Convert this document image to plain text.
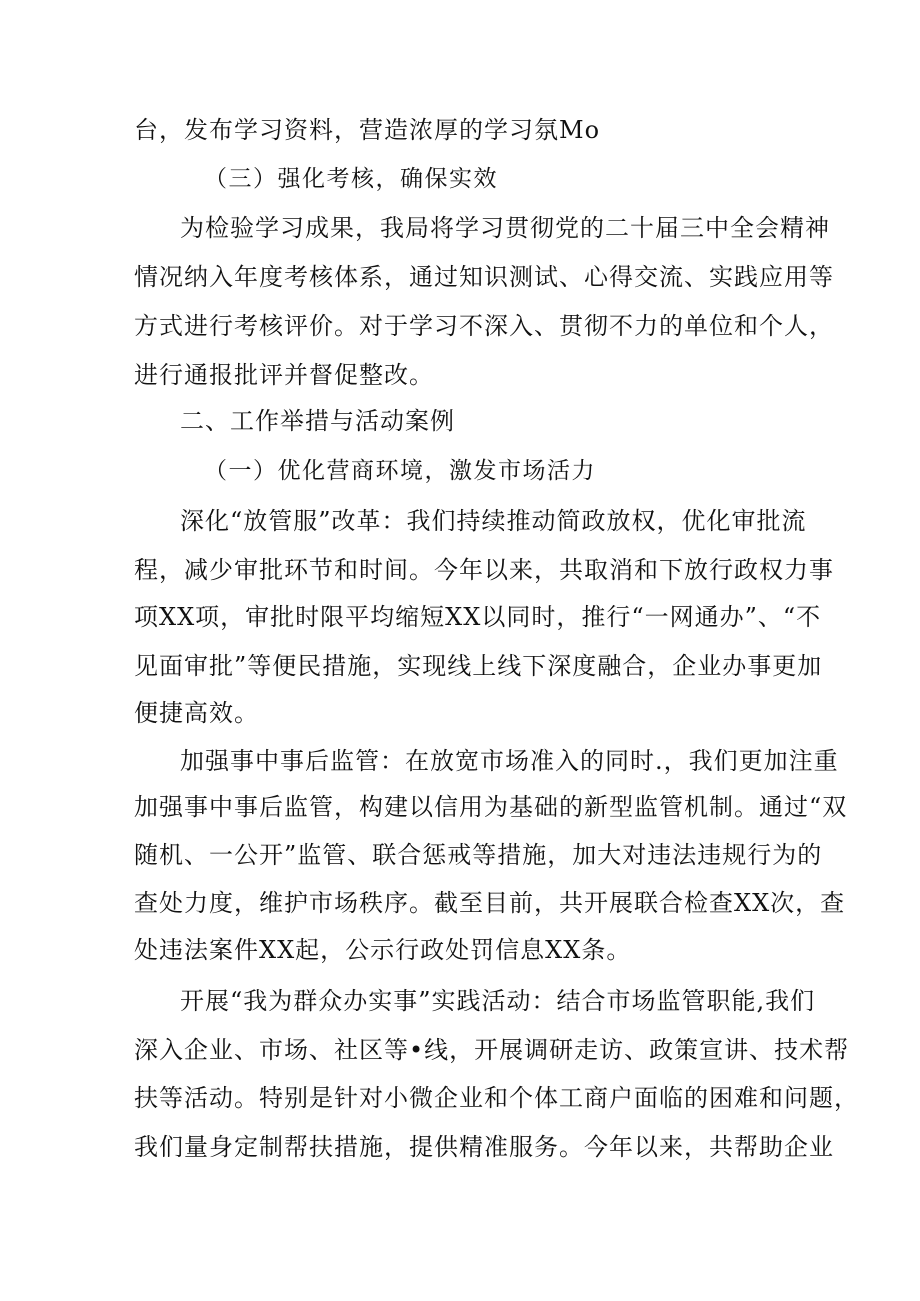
台，发布学习资料，营造浓厚的学习氛Mo
（三）强化考核，确保实效
为检验学习成果，我局将学习贯彻党的二十届三中全会精神
情况纳入年度考核体系，通过知识测试、心得交流、实践应用等
方式进行考核评价。对于学习不深入、贯彻不力的单位和个人，
进行通报批评并督促整改。
二、工作举措与活动案例
（一）优化营商环境，激发市场活力
深化“放管服”改革：我们持续推动简政放权，优化审批流
程，减少审批环节和时间。今年以来，共取消和下放行政权力事
项XX项，审批时限平均缩短XX以同时，推行“一网通办”、“不
见面审批”等便民措施，实现线上线下深度融合，企业办事更加
便捷高效。
加强事中事后监管：在放宽市场准入的同时.，我们更加注重
加强事中事后监管，构建以信用为基础的新型监管机制。通过“双
随机、一公开”监管、联合惩戒等措施，加大对违法违规行为的
查处力度，维护市场秩序。截至目前，共开展联合检查XX次，查
处违法案件XX起，公示行政处罚信息XX条。
开展“我为群众办实事”实践活动：结合市场监管职能,我们
深入企业、市场、社区等•线，开展调研走访、政策宣讲、技术帮
扶等活动。特别是针对小微企业和个体工商户面临的困难和问题，
我们量身定制帮扶措施，提供精准服务。今年以来，共帮助企业
